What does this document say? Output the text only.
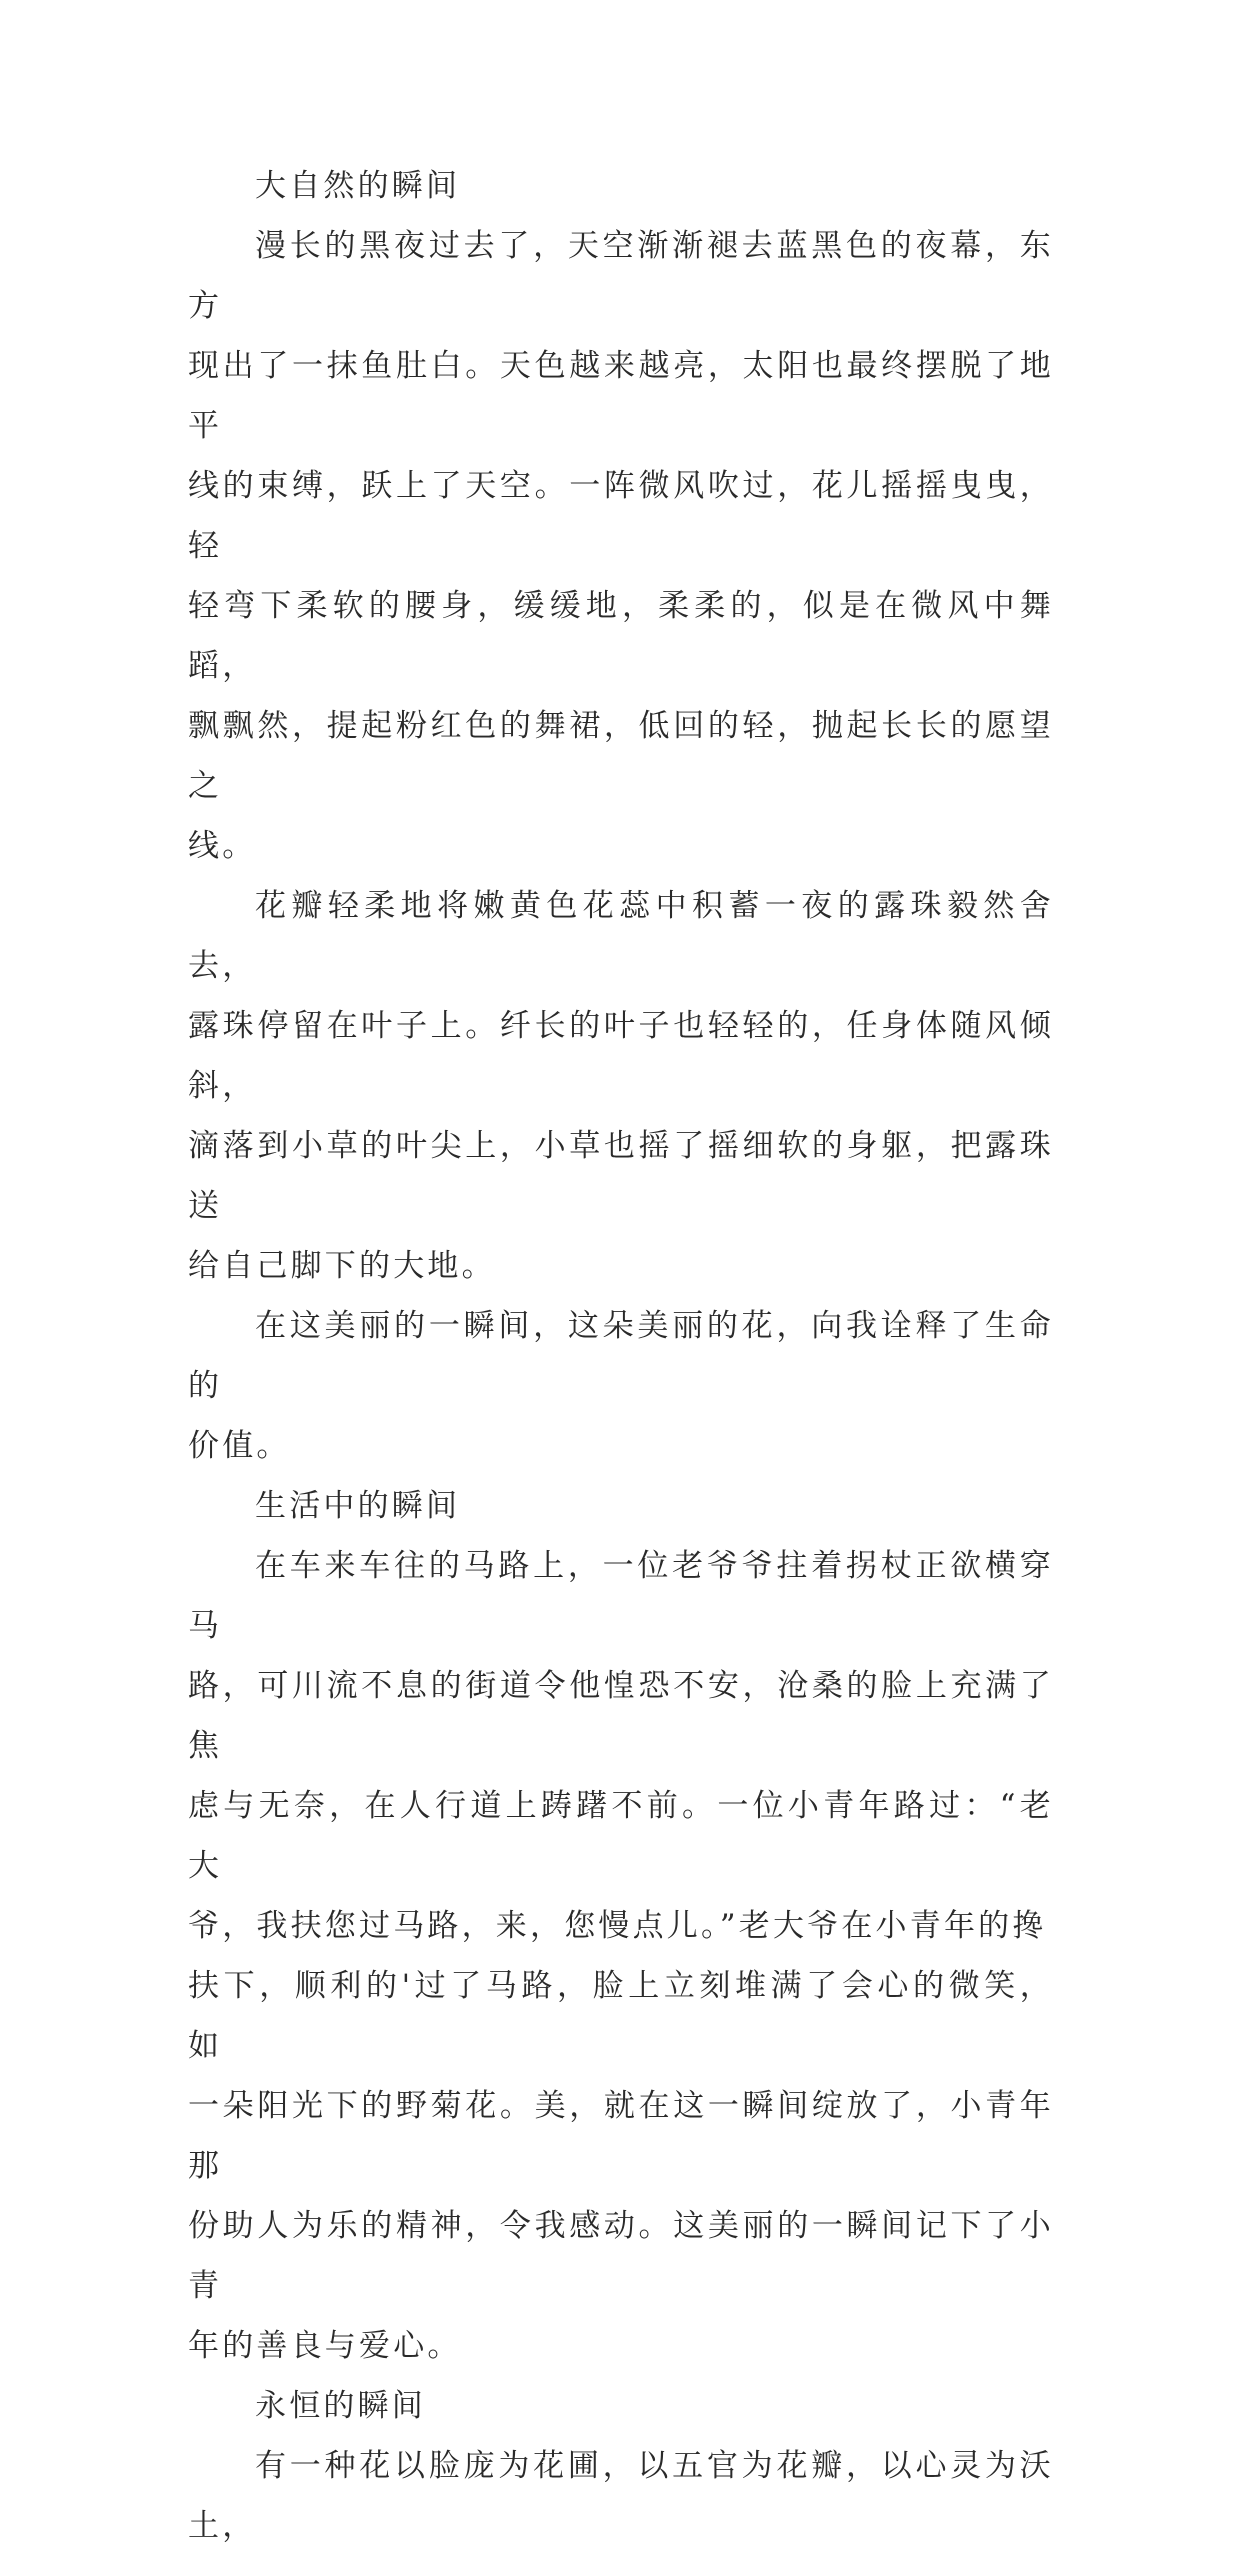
大自然的瞬间

漫长的黑夜过去了，天空渐渐褪去蓝黑色的夜幕，东方
现出了一抹鱼肚白。天色越来越亮，太阳也最终摆脱了地平
线的束缚，跃上了天空。一阵微风吹过，花儿摇摇曳曳，轻
轻弯下柔软的腰身，缓缓地，柔柔的，似是在微风中舞蹈，
飘飘然，提起粉红色的舞裙，低回的轻，抛起长长的愿望之
线。

花瓣轻柔地将嫩黄色花蕊中积蓄一夜的露珠毅然舍去，
露珠停留在叶子上。纤长的叶子也轻轻的，任身体随风倾斜，
滴落到小草的叶尖上，小草也摇了摇细软的身躯，把露珠送
给自己脚下的大地。

在这美丽的一瞬间，这朵美丽的花，向我诠释了生命的
价值。

生活中的瞬间

在车来车往的马路上，一位老爷爷拄着拐杖正欲横穿马
路，可川流不息的街道令他惶恐不安，沧桑的脸上充满了焦
虑与无奈，在人行道上踌躇不前。一位小青年路过：“老大
爷，我扶您过马路，来，您慢点儿。”老大爷在小青年的搀
扶下，顺利的'过了马路，脸上立刻堆满了会心的微笑，如
一朵阳光下的野菊花。美，就在这一瞬间绽放了，小青年那
份助人为乐的精神，令我感动。这美丽的一瞬间记下了小青
年的善良与爱心。

永恒的瞬间

有一种花以脸庞为花圃，以五官为花瓣，以心灵为沃土，
